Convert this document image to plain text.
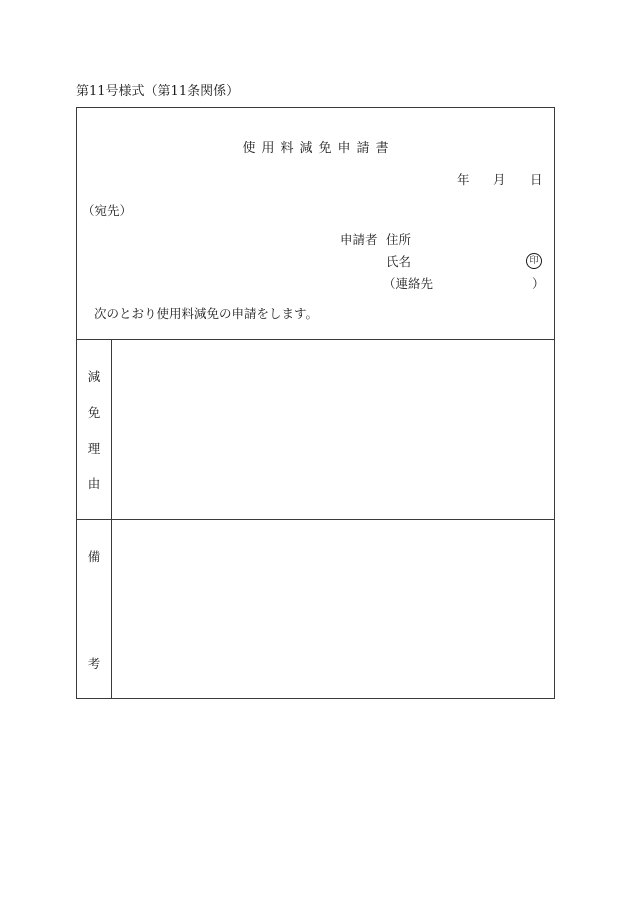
第11号様式（第11条関係）
使用料減免申請書
年 月 日
（宛先）
申請者 住所
氏名	印
（連絡先	）
次のとおり使用料減免の申請をします。
減
免
理
由
備
考
